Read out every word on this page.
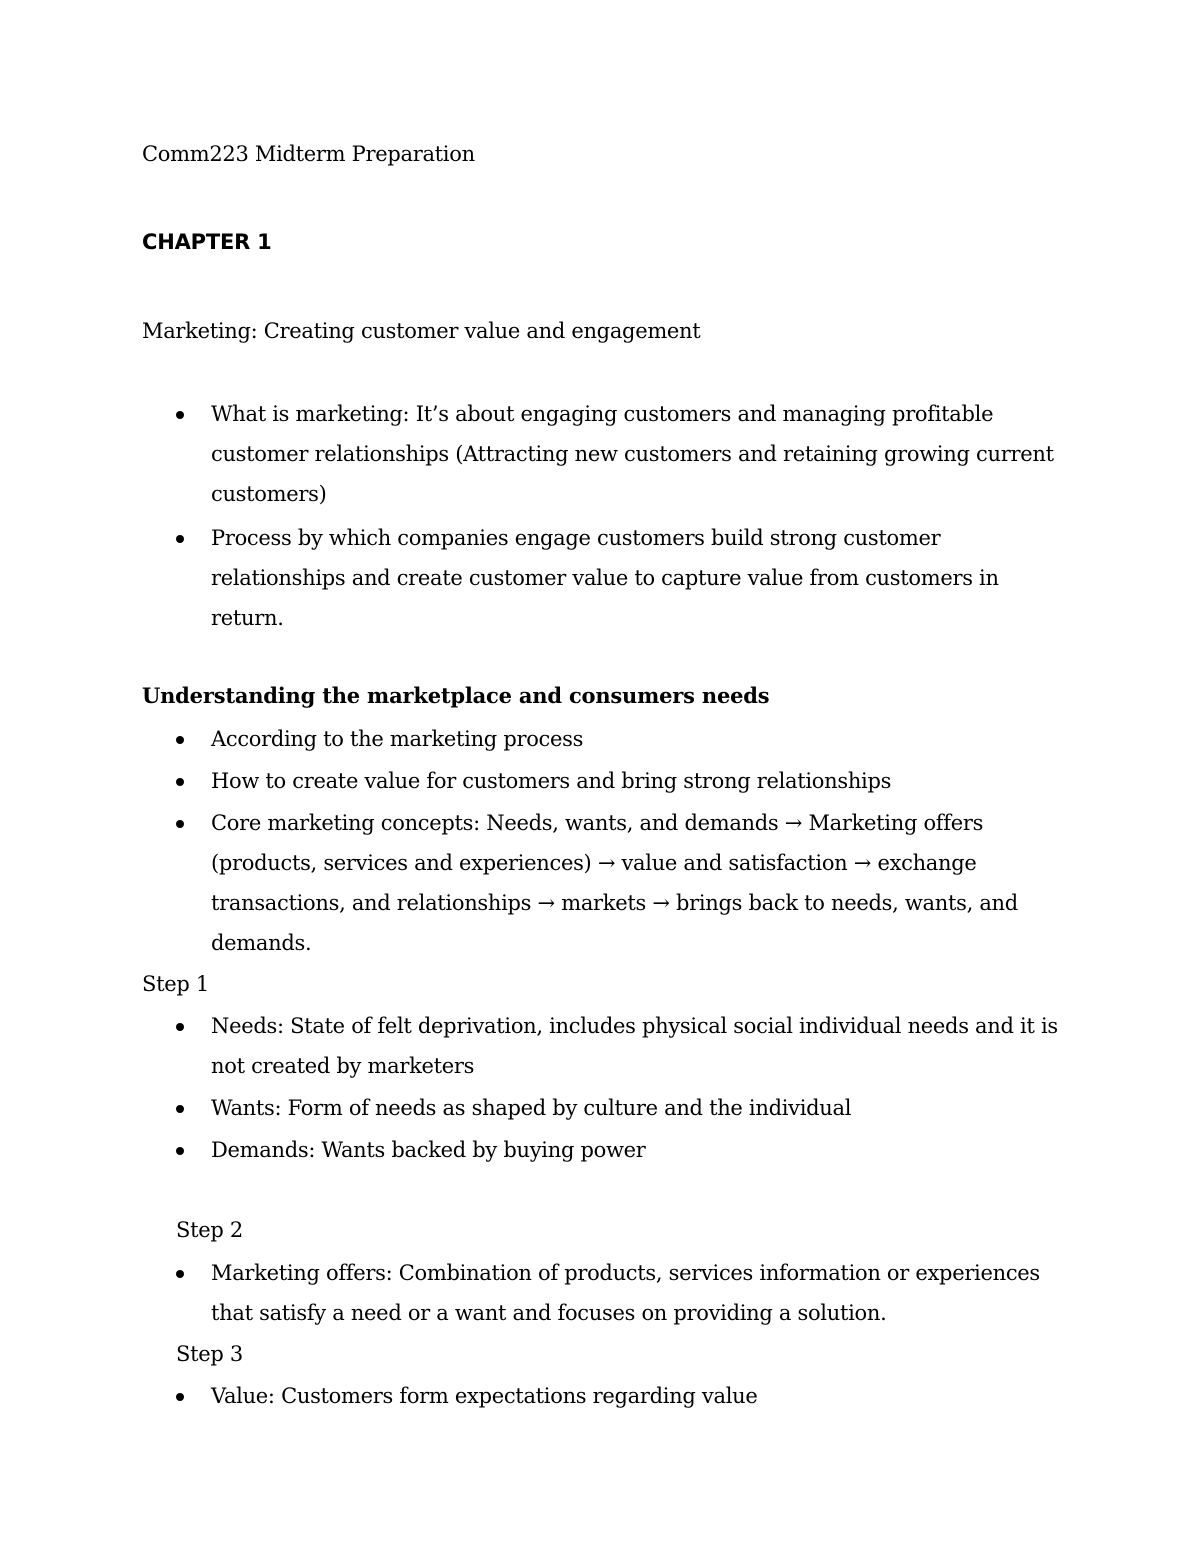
Comm223 Midterm Preparation
CHAPTER 1
Marketing: Creating customer value and engagement
What is marketing: It’s about engaging customers and managing profitable customer relationships (Attracting new customers and retaining growing current customers)
Process by which companies engage customers build strong customer relationships and create customer value to capture value from customers in return.
Understanding the marketplace and consumers needs
According to the marketing process
How to create value for customers and bring strong relationships
Core marketing concepts: Needs, wants, and demands → Marketing offers (products, services and experiences) → value and satisfaction → exchange transactions, and relationships → markets → brings back to needs, wants, and demands.
Step 1
Needs: State of felt deprivation, includes physical social individual needs and it is not created by marketers
Wants: Form of needs as shaped by culture and the individual
Demands: Wants backed by buying power
Step 2
Marketing offers: Combination of products, services information or experiences that satisfy a need or a want and focuses on providing a solution.
Step 3
Value: Customers form expectations regarding value
